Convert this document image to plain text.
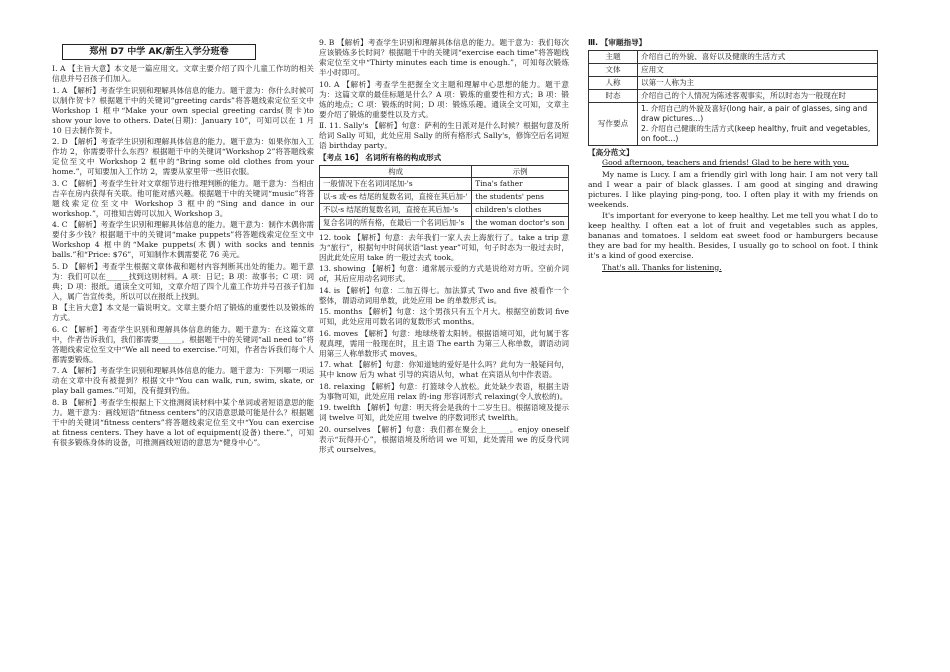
郑州 D7 中学 AK/新生入学分班卷

Ⅰ. A 【主旨大意】本文是一篇应用文。文章主要介绍了四个儿童工作坊的相关信息并号召孩子们加入。

1. A 【解析】考查学生识别和理解具体信息的能力。题干意为：你什么时候可以制作贺卡？根据题干中的关键词“greeting cards”将答题线索定位至文中 Workshop 1 框中“Make your own special greeting cards(贺卡)to show your love to others. Date(日期)：January 10”，可知可以在 1 月 10 日去制作贺卡。

2. D 【解析】考查学生识别和理解具体信息的能力。题干意为：如果你加入工作坊 2，你需要带什么东西？根据题干中的关键词“Workshop 2”将答题线索定位至文中 Workshop 2 框中的“Bring some old clothes from your home.”，可知要加入工作坊 2，需要从家里带一些旧衣服。

3. C 【解析】考查学生针对文章细节进行推理判断的能力。题干意为：当相由吉辛在房内获得有关联。他可能对感兴趣。根据题干中的关键词“music”将答题线索定位至文中 Workshop 3 框中的“Sing and dance in our workshop.”，可推知吉姆可以加入 Workshop 3。

4. C 【解析】考查学生识别和理解具体信息的能力。题干意为：制作木偶你需要付多少钱？根据题干中的关键词“make puppets”将答题线索定位至文中 Workshop 4 框中的“Make puppets(木偶) with socks and tennis balls.”和“Price: $76”，可知制作木偶需要花 76 美元。

5. D 【解析】考查学生根据文章体裁和题材内容判断其出处的能力。题干意为：我们可以在______找到这则材料。A 项：日记；B 项：故事书；C 项：词典；D 项：报纸。通读全文可知，文章介绍了四个儿童工作坊并号召孩子们加入，属广告宣传类，所以可以在报纸上找到。

B 【主旨大意】本文是一篇说明文。文章主要介绍了锻炼的重要性以及锻炼的方式。

6. C 【解析】考查学生识别和理解具体信息的能力。题干意为：在这篇文章中，作者告诉我们，我们都需要______。根据题干中的关键词“all need to”将答题线索定位至文中“We all need to exercise.”可知，作者告诉我们每个人都需要锻炼。

7. A 【解析】考查学生识别和理解具体信息的能力。题干意为：下列哪一项运动在文章中没有被提到？根据文中“You can walk, run, swim, skate, or play ball games.”可知，没有提到钓鱼。

8. B 【解析】考查学生根据上下文推测阅读材料中某个单词或者短语意思的能力。题干意为：画线短语“fitness centers”的汉语意思最可能是什么？根据题干中的关键词“fitness centers”将答题线索定位至文中“You can exercise at fitness centers. They have a lot of equipment(设备) there.”，可知有很多锻炼身体的设备，可推测画线短语的意思为“健身中心”。

9. B 【解析】考查学生识别和理解具体信息的能力。题干意为：我们每次应该锻炼多长时间？根据题干中的关键词“exercise each time”将答题线索定位至文中“Thirty minutes each time is enough.”，可知每次锻炼半小时即可。

10. A 【解析】考查学生把握全文主题和理解中心思想的能力。题干意为：这篇文章的最佳标题是什么？A 项：锻炼的重要性和方式；B 项：锻炼的地点；C 项：锻炼的时间；D 项：锻炼乐趣。通读全文可知，文章主要介绍了锻炼的重要性以及方式。

Ⅱ. 11. Sally's 【解析】句意：萨利的生日派对是什么时候？根据句意及所给词 Sally 可知，此处应用 Sally 的所有格形式 Sally's，修饰空后名词短语 birthday party。

【考点 16】 名词所有格的构成形式
构成	示例
一般情况下在名词词尾加-'s	Tina's father
以-s 或-es 结尾的复数名词，直接在其后加-'	the students' pens
不以-s 结尾的复数名词，直接在其后加-'s	children's clothes
复合名词的所有格，在最后一个名词后加-'s	the woman doctor's son

12. took 【解析】句意：去年我们一家人去上海旅行了。take a trip 意为“旅行”，根据句中时间状语“last year”可知，句子时态为一般过去时，因此此处应用 take 的一般过去式 took。

13. showing 【解析】句意：通常展示爱的方式是说给对方听。空前介词 of，其后应用动名词形式。

14. is 【解析】句意：二加五得七。加法算式 Two and five 被看作一个整体，谓语动词用单数，此处应用 be 的单数形式 is。

15. months 【解析】句意：这个男孩只有五个月大。根据空前数词 five 可知，此处应用可数名词的复数形式 months。

16. moves 【解析】句意：地球绕着太阳转。根据语境可知，此句属于客观真理，需用一般现在时，且主语 The earth 为第三人称单数，谓语动词用第三人称单数形式 moves。

17. what 【解析】句意：你知道她的爱好是什么吗？此句为一般疑问句，其中 know 后为 what 引导的宾语从句，what 在宾语从句中作表语。

18. relaxing 【解析】句意：打篮球令人放松。此处缺少表语，根据主语为事物可知，此处应用 relax 的-ing 形容词形式 relaxing(令人放松的)。

19. twelfth 【解析】句意：明天将会是我的十二岁生日。根据语境及提示词 twelve 可知，此处应用 twelve 的序数词形式 twelfth。

20. ourselves 【解析】句意：我们都在聚会上______。enjoy oneself 表示“玩得开心”，根据语境及所给词 we 可知，此处需用 we 的反身代词形式 ourselves。

Ⅲ. 【审题指导】
主题	介绍自己的外貌、喜好以及健康的生活方式
文体	应用文
人称	以第一人称为主
时态	介绍自己的个人情况为陈述客观事实，所以时态为一般现在时
写作要点	1. 介绍自己的外貌及喜好(long hair, a pair of glasses, sing and draw pictures…)
2. 介绍自己健康的生活方式(keep healthy, fruit and vegetables, on foot…)
【高分范文】

Good afternoon, teachers and friends! Glad to be here with you.

My name is Lucy. I am a friendly girl with long hair. I am not very tall and I wear a pair of black glasses. I am good at singing and drawing pictures. I like playing ping-pong, too. I often play it with my friends on weekends.

It's important for everyone to keep healthy. Let me tell you what I do to keep healthy. I often eat a lot of fruit and vegetables such as apples, bananas and tomatoes. I seldom eat sweet food or hamburgers because they are bad for my health. Besides, I usually go to school on foot. I think it's a kind of good exercise.

That's all. Thanks for listening.
